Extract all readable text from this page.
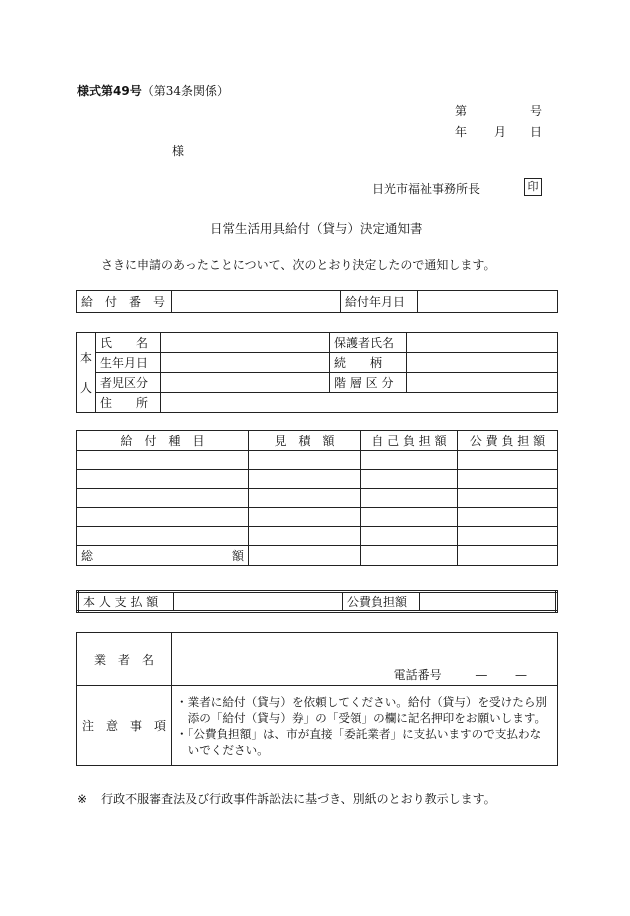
様式第49号（第34条関係）
第	号
年 月 日
様
日光市福祉事務所長	印
日常生活用具給付（貸与）決定通知書
さきに申請のあったことについて、次のとおり決定したので通知します。
給　付　番　号		給付年月日	
本
人	氏　　名		保護者氏名	
	生年月日		続　　柄	
	者児区分		階 層 区 分	
	住　　所			
給　付　種　目	見　積　額	自 己 負 担 額	公 費 負 担 額

総 額			

本 人 支 払 額		公費負担額	
業　者　名	電話番号 — —

注　意　事　項	・業者に給付（貸与）を依頼してください。給付（貸与）を受けたら別
　添の「給付（貸与）券」の「受領」の欄に記名押印をお願いします。
・「公費負担額」は、市が直接「委託業者」に支払いますので支払わな
　いでください。
※ 行政不服審査法及び行政事件訴訟法に基づき、別紙のとおり教示します。
